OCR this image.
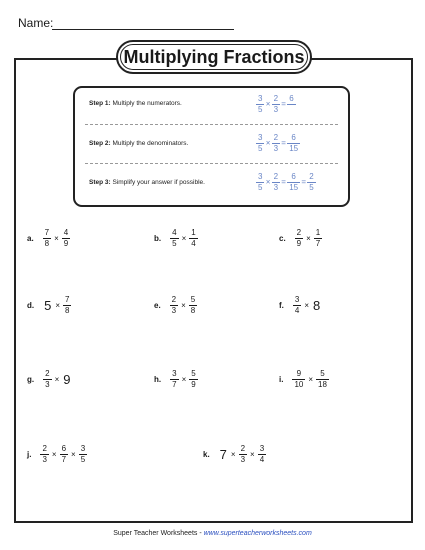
Name:
Multiplying Fractions
Step 1: Multiply the numerators.	$\frac{3}{5} \times \frac{2}{3}$ =
6

Step 2: Multiply the denominators.	$\frac{3}{5} \times \frac{2}{3} = \frac{6}{15}$
Step 3: Simplify your answer if possible.	$\frac{3}{5} \times \frac{2}{3} = \frac{6}{15} = \frac{2}{5}$
a.
7
8
×
4
9
b.
4
5
×
1
4
c.
2
9
×
1
7
d. 5 ×
7
8
e.
2
3
×
5
8
f.
3
4
× 8
g.
2
3
× 9	h.
3
7
×
5
9
i.
9
10
×
5
18
j.
2
3
×
6
7
×
3
5
k. 7 ×
2
3
×
3
4
Super Teacher Worksheets - www.superteacherworksheets.com
